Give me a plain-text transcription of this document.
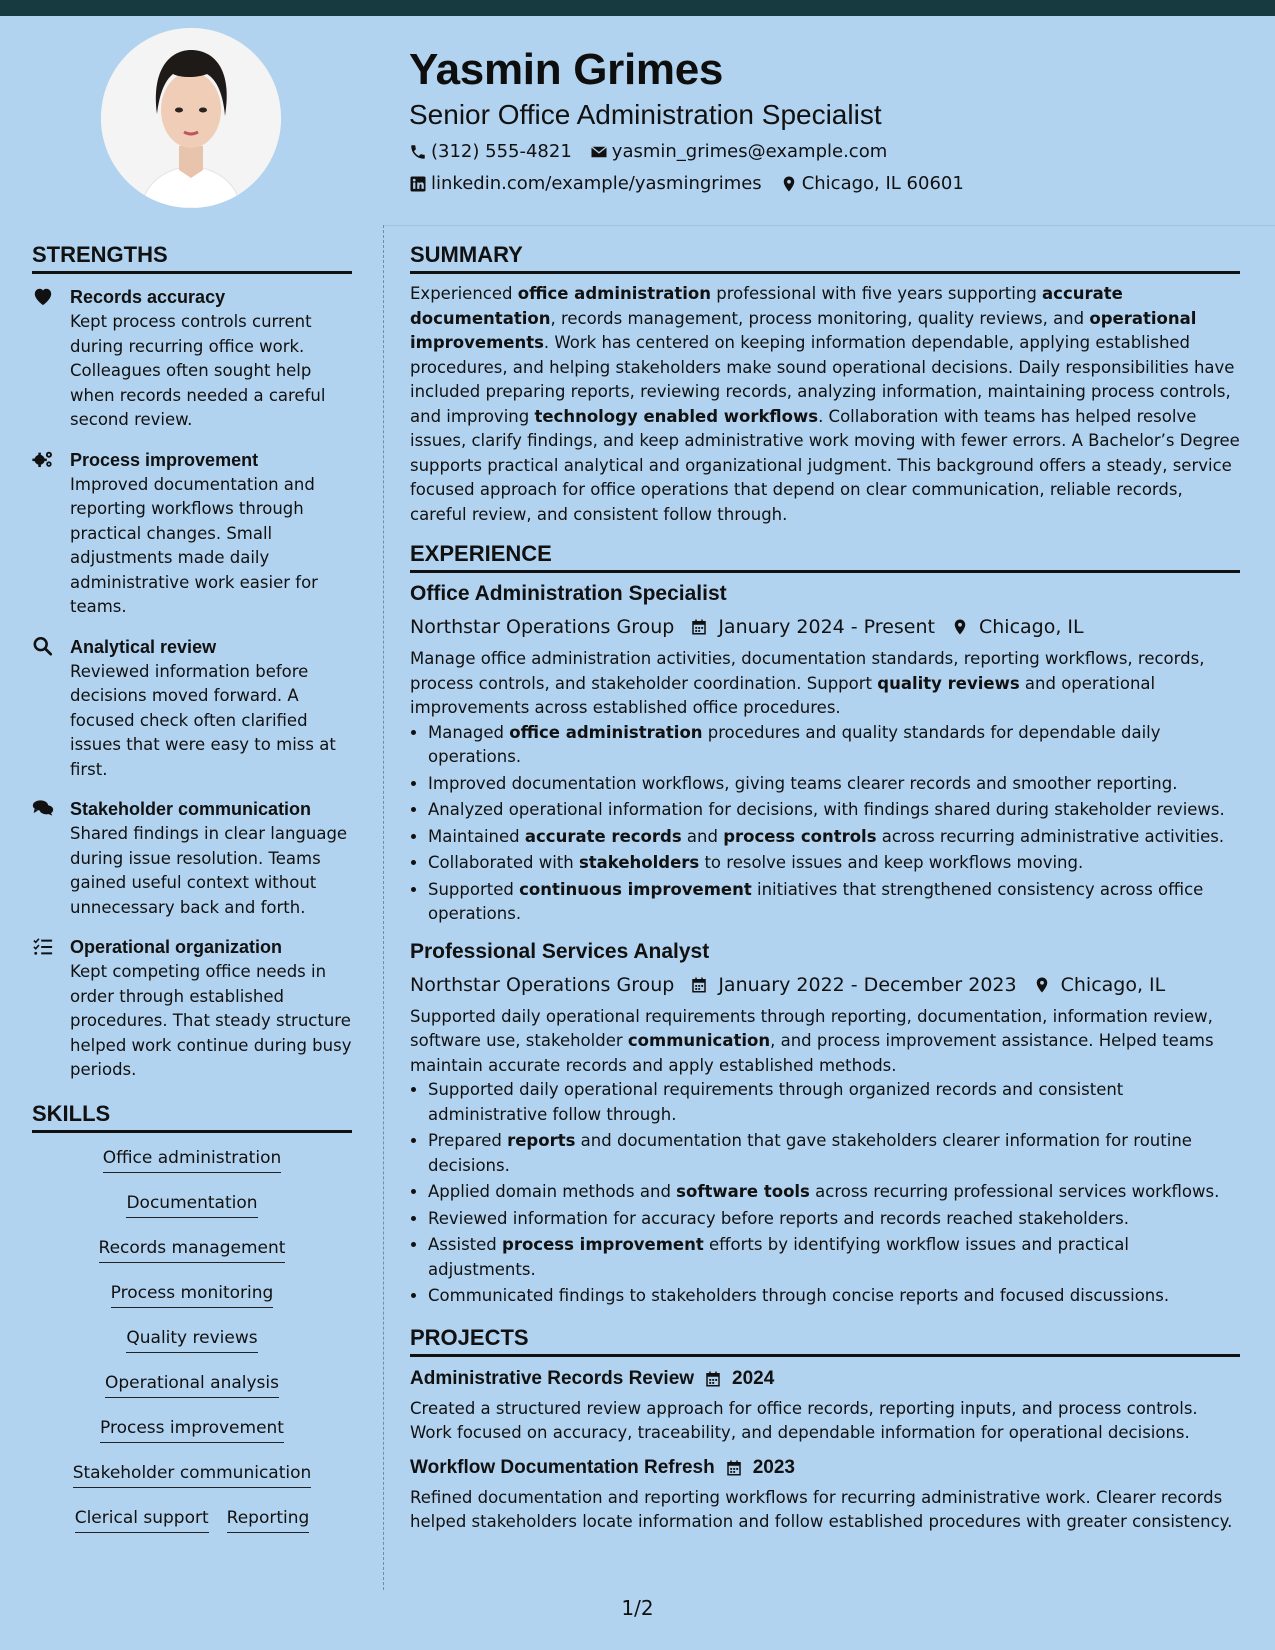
Yasmin Grimes
Senior Office Administration Specialist
(312) 555-4821 yasmin_grimes@example.com
linkedin.com/example/yasmingrimes Chicago, IL 60601
STRENGTHS
Records accuracy
Kept process controls current during recurring office work. Colleagues often sought help when records needed a careful second review.
Process improvement
Improved documentation and reporting workflows through practical changes. Small adjustments made daily administrative work easier for teams.
Analytical review
Reviewed information before decisions moved forward. A focused check often clarified issues that were easy to miss at first.
Stakeholder communication
Shared findings in clear language during issue resolution. Teams gained useful context without unnecessary back and forth.
Operational organization
Kept competing office needs in order through established procedures. That steady structure helped work continue during busy periods.
SKILLS
Office administration
Documentation
Records management
Process monitoring
Quality reviews
Operational analysis
Process improvement
Stakeholder communication
Clerical support Reporting
SUMMARY
Experienced office administration professional with five years supporting accurate documentation, records management, process monitoring, quality reviews, and operational improvements. Work has centered on keeping information dependable, applying established procedures, and helping stakeholders make sound operational decisions. Daily responsibilities have included preparing reports, reviewing records, analyzing information, maintaining process controls, and improving technology enabled workflows. Collaboration with teams has helped resolve issues, clarify findings, and keep administrative work moving with fewer errors. A Bachelor’s Degree supports practical analytical and organizational judgment. This background offers a steady, service focused approach for office operations that depend on clear communication, reliable records, careful review, and consistent follow through.
EXPERIENCE
Office Administration Specialist
Northstar Operations Group January 2024 - Present Chicago, IL
Manage office administration activities, documentation standards, reporting workflows, records, process controls, and stakeholder coordination. Support quality reviews and operational improvements across established office procedures.
• Managed office administration procedures and quality standards for dependable daily operations.
• Improved documentation workflows, giving teams clearer records and smoother reporting.
• Analyzed operational information for decisions, with findings shared during stakeholder reviews.
• Maintained accurate records and process controls across recurring administrative activities.
• Collaborated with stakeholders to resolve issues and keep workflows moving.
• Supported continuous improvement initiatives that strengthened consistency across office operations.
Professional Services Analyst
Northstar Operations Group January 2022 - December 2023 Chicago, IL
Supported daily operational requirements through reporting, documentation, information review, software use, stakeholder communication, and process improvement assistance. Helped teams maintain accurate records and apply established methods.
• Supported daily operational requirements through organized records and consistent administrative follow through.
• Prepared reports and documentation that gave stakeholders clearer information for routine decisions.
• Applied domain methods and software tools across recurring professional services workflows.
• Reviewed information for accuracy before reports and records reached stakeholders.
• Assisted process improvement efforts by identifying workflow issues and practical adjustments.
• Communicated findings to stakeholders through concise reports and focused discussions.
PROJECTS
Administrative Records Review 2024
Created a structured review approach for office records, reporting inputs, and process controls. Work focused on accuracy, traceability, and dependable information for operational decisions.
Workflow Documentation Refresh 2023
Refined documentation and reporting workflows for recurring administrative work. Clearer records helped stakeholders locate information and follow established procedures with greater consistency.
1/2
